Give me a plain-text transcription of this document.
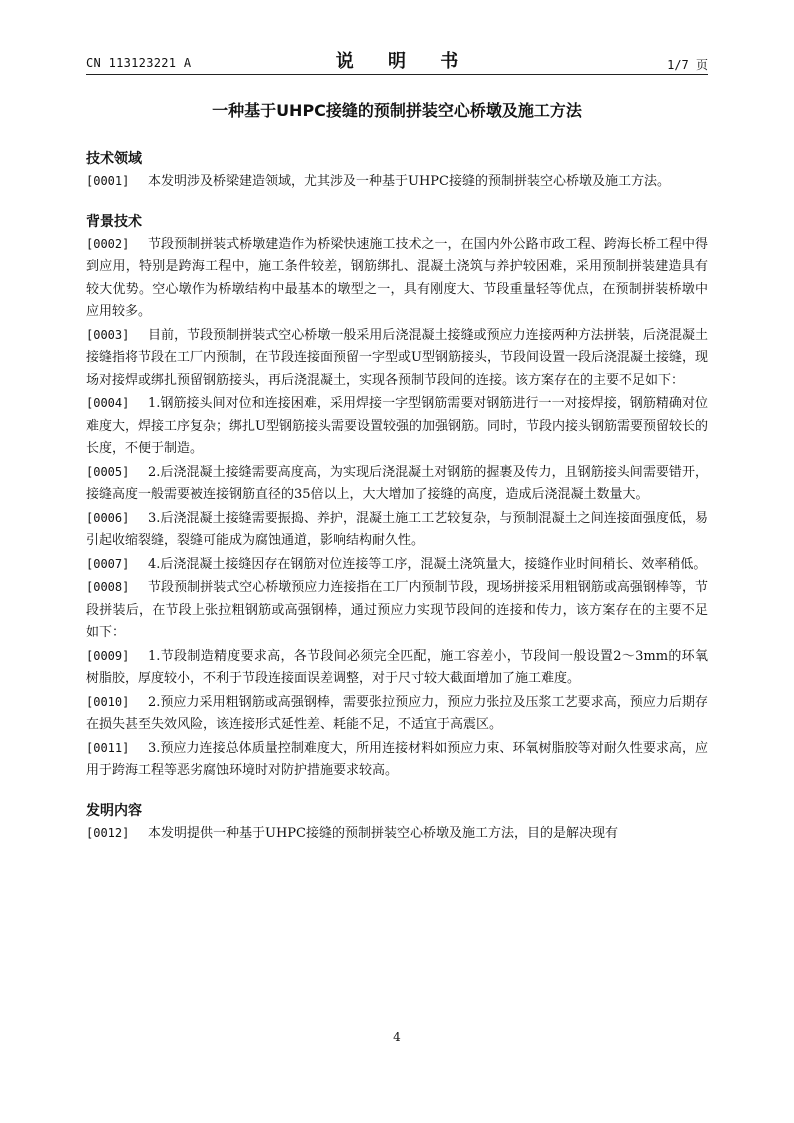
CN 113123221 A	说 明 书	1/7 页
一种基于UHPC接缝的预制拼装空心桥墩及施工方法
技术领域

[0001] 本发明涉及桥梁建造领域，尤其涉及一种基于UHPC接缝的预制拼装空心桥墩及施工方法。

背景技术

[0002] 节段预制拼装式桥墩建造作为桥梁快速施工技术之一，在国内外公路市政工程、跨海长桥工程中得到应用，特别是跨海工程中，施工条件较差，钢筋绑扎、混凝土浇筑与养护较困难，采用预制拼装建造具有较大优势。空心墩作为桥墩结构中最基本的墩型之一，具有刚度大、节段重量轻等优点，在预制拼装桥墩中应用较多。

[0003] 目前，节段预制拼装式空心桥墩一般采用后浇混凝土接缝或预应力连接两种方法拼装，后浇混凝土接缝指将节段在工厂内预制，在节段连接面预留一字型或U型钢筋接头，节段间设置一段后浇混凝土接缝，现场对接焊或绑扎预留钢筋接头，再后浇混凝土，实现各预制节段间的连接。该方案存在的主要不足如下：

[0004] 1.钢筋接头间对位和连接困难，采用焊接一字型钢筋需要对钢筋进行一一对接焊接，钢筋精确对位难度大，焊接工序复杂；绑扎U型钢筋接头需要设置较强的加强钢筋。同时，节段内接头钢筋需要预留较长的长度，不便于制造。

[0005] 2.后浇混凝土接缝需要高度高，为实现后浇混凝土对钢筋的握裹及传力，且钢筋接头间需要错开，接缝高度一般需要被连接钢筋直径的35倍以上，大大增加了接缝的高度，造成后浇混凝土数量大。

[0006] 3.后浇混凝土接缝需要振捣、养护，混凝土施工工艺较复杂，与预制混凝土之间连接面强度低，易引起收缩裂缝，裂缝可能成为腐蚀通道，影响结构耐久性。

[0007] 4.后浇混凝土接缝因存在钢筋对位连接等工序，混凝土浇筑量大，接缝作业时间稍长、效率稍低。

[0008] 节段预制拼装式空心桥墩预应力连接指在工厂内预制节段，现场拼接采用粗钢筋或高强钢棒等，节段拼装后，在节段上张拉粗钢筋或高强钢棒，通过预应力实现节段间的连接和传力，该方案存在的主要不足如下：

[0009] 1.节段制造精度要求高，各节段间必须完全匹配，施工容差小，节段间一般设置2～3mm的环氧树脂胶，厚度较小，不利于节段连接面误差调整，对于尺寸较大截面增加了施工难度。

[0010] 2.预应力采用粗钢筋或高强钢棒，需要张拉预应力，预应力张拉及压浆工艺要求高，预应力后期存在损失甚至失效风险，该连接形式延性差、耗能不足，不适宜于高震区。

[0011] 3.预应力连接总体质量控制难度大，所用连接材料如预应力束、环氧树脂胶等对耐久性要求高，应用于跨海工程等恶劣腐蚀环境时对防护措施要求较高。

发明内容

[0012] 本发明提供一种基于UHPC接缝的预制拼装空心桥墩及施工方法，目的是解决现有

4
